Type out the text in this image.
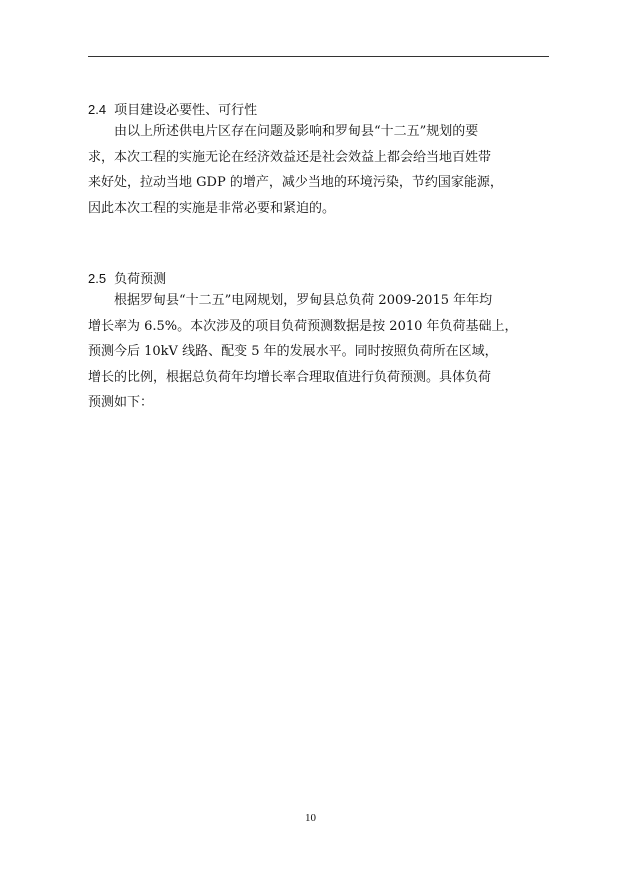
2.4 项目建设必要性、可行性

由以上所述供电片区存在问题及影响和罗甸县“十二五”规划的要

求，本次工程的实施无论在经济效益还是社会效益上都会给当地百姓带

来好处，拉动当地 GDP 的增产，减少当地的环境污染，节约国家能源，

因此本次工程的实施是非常必要和紧迫的。

2.5 负荷预测

根据罗甸县“十二五”电网规划，罗甸县总负荷 2009-2015 年年均

增长率为 6.5%。本次涉及的项目负荷预测数据是按 2010 年负荷基础上，

预测今后 10kV 线路、配变 5 年的发展水平。同时按照负荷所在区域，

增长的比例，根据总负荷年均增长率合理取值进行负荷预测。具体负荷

预测如下：

10
